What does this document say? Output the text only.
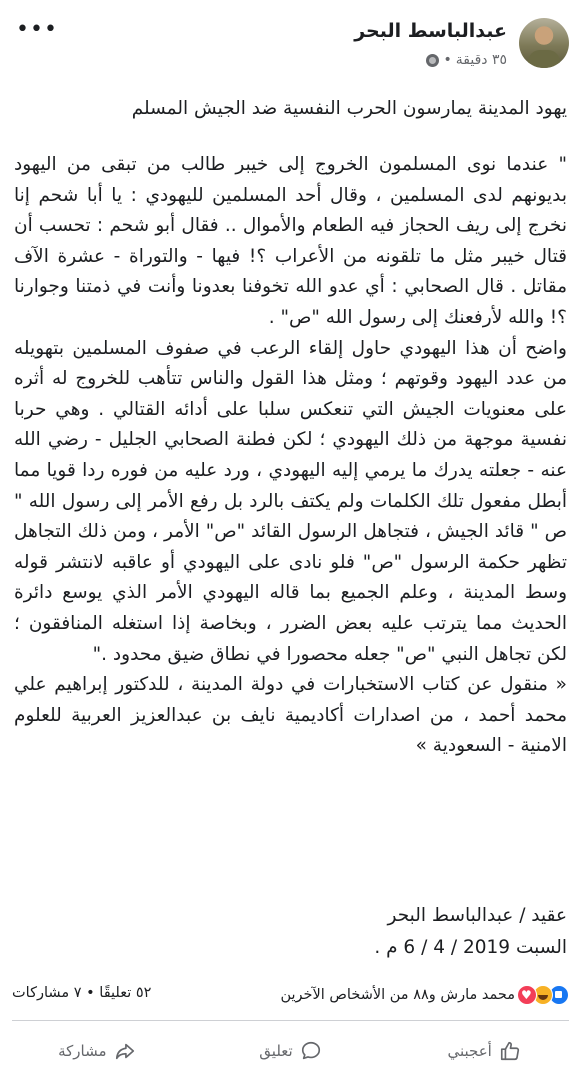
عبدالباسط البحر
٣٥ دقيقة
•
•••
يهود المدينة يمارسون الحرب النفسية ضد الجيش المسلم

" عندما نوى المسلمون الخروج إلى خيبر طالب من تبقى من اليهود بديونهم لدى المسلمين ، وقال أحد المسلمين لليهودي : يا أبا شحم إنا نخرج إلى ريف الحجاز فيه الطعام والأموال .. فقال أبو شحم : تحسب أن قتال خيبر مثل ما تلقونه من الأعراب ؟! فيها - والتوراة - عشرة الآف مقاتل . قال الصحابي : أي عدو الله تخوفنا بعدونا وأنت في ذمتنا وجوارنا ؟! والله لأرفعنك إلى رسول الله "ص" .

واضح أن هذا اليهودي حاول إلقاء الرعب في صفوف المسلمين بتهويله من عدد اليهود وقوتهم ؛ ومثل هذا القول والناس تتأهب للخروج له أثره على معنويات الجيش التي تنعكس سلبا على أدائه القتالي . وهي حربا نفسية موجهة من ذلك اليهودي ؛ لكن فطنة الصحابي الجليل - رضي الله عنه - جعلته يدرك ما يرمي إليه اليهودي ، ورد عليه من فوره ردا قويا مما أبطل مفعول تلك الكلمات ولم يكتف بالرد بل رفع الأمر إلى رسول الله " ص " قائد الجيش ، فتجاهل الرسول القائد "ص" الأمر ، ومن ذلك التجاهل تظهر حكمة الرسول "ص" فلو نادى على اليهودي أو عاقبه لانتشر قوله وسط المدينة ، وعلم الجميع بما قاله اليهودي الأمر الذي يوسع دائرة الحديث مما يترتب عليه بعض الضرر ، وبخاصة إذا استغله المنافقون ؛ لكن تجاهل النبي "ص" جعله محصورا في نطاق ضيق محدود ."

« منقول عن كتاب الاستخبارات في دولة المدينة ، للدكتور إبراهيم علي محمد أحمد ، من اصدارات أكاديمية نايف بن عبدالعزيز العربية للعلوم الامنية - السعودية »

عقيد / عبدالباسط البحر

السبت 2019 / 4 / 6 م .

♥
محمد مارش و٨٨ من الأشخاص الآخرين
٥٢ تعليقًا • ٧ مشاركات
أعجبني
تعليق
مشاركة
